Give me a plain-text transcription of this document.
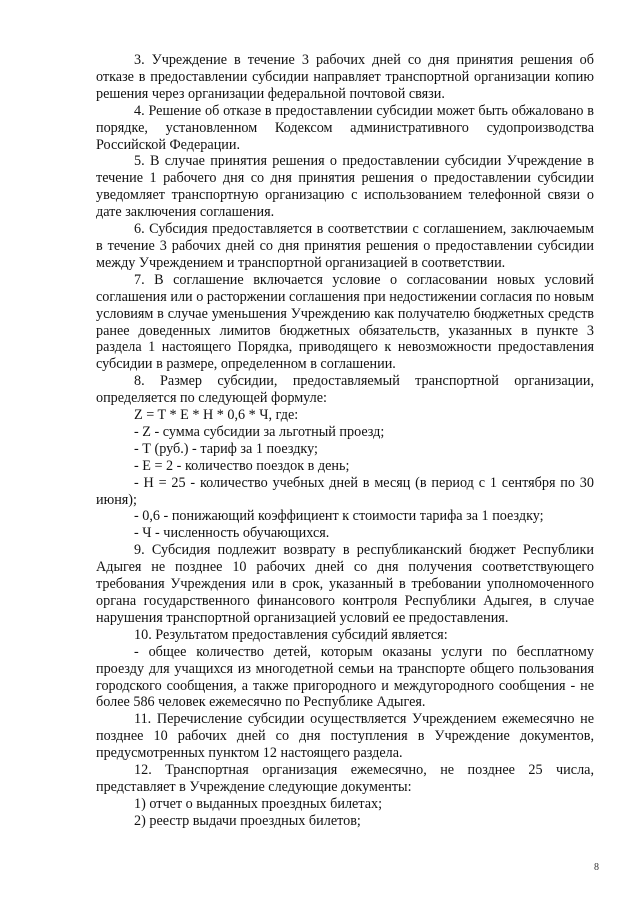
3. Учреждение в течение 3 рабочих дней со дня принятия решения об отказе в предоставлении субсидии направляет транспортной организации копию решения через организации федеральной почтовой связи.

4. Решение об отказе в предоставлении субсидии может быть обжаловано в порядке, установленном Кодексом административного судопроизводства Российской Федерации.

5. В случае принятия решения о предоставлении субсидии Учреждение в течение 1 рабочего дня со дня принятия решения о предоставлении субсидии уведомляет транспортную организацию с использованием телефонной связи о дате заключения соглашения.

6. Субсидия предоставляется в соответствии с соглашением, заключаемым в течение 3 рабочих дней со дня принятия решения о предоставлении субсидии между Учреждением и транспортной организацией в соответствии.

7. В соглашение включается условие о согласовании новых условий соглашения или о расторжении соглашения при недостижении согласия по новым условиям в случае уменьшения Учреждению как получателю бюджетных средств ранее доведенных лимитов бюджетных обязательств, указанных в пункте 3 раздела 1 настоящего Порядка, приводящего к невозможности предоставления субсидии в размере, определенном в соглашении.

8. Размер субсидии, предоставляемый транспортной организации, определяется по следующей формуле:

Z = T * E * H * 0,6 * Ч, где:

- Z - сумма субсидии за льготный проезд;

- Т (руб.) - тариф за 1 поездку;

- Е = 2 - количество поездок в день;

- Н = 25 - количество учебных дней в месяц (в период с 1 сентября по 30 июня);

- 0,6 - понижающий коэффициент к стоимости тарифа за 1 поездку;

- Ч - численность обучающихся.

9. Субсидия подлежит возврату в республиканский бюджет Республики Адыгея не позднее 10 рабочих дней со дня получения соответствующего требования Учреждения или в срок, указанный в требовании уполномоченного органа государственного финансового контроля Республики Адыгея, в случае нарушения транспортной организацией условий ее предоставления.

10. Результатом предоставления субсидий является:

- общее количество детей, которым оказаны услуги по бесплатному проезду для учащихся из многодетной семьи на транспорте общего пользования городского сообщения, а также пригородного и междугородного сообщения - не более 586 человек ежемесячно по Республике Адыгея.

11. Перечисление субсидии осуществляется Учреждением ежемесячно не позднее 10 рабочих дней со дня поступления в Учреждение документов, предусмотренных пунктом 12 настоящего раздела.

12. Транспортная организация ежемесячно, не позднее 25 числа, представляет в Учреждение следующие документы:

1) отчет о выданных проездных билетах;

2) реестр выдачи проездных билетов;

8
